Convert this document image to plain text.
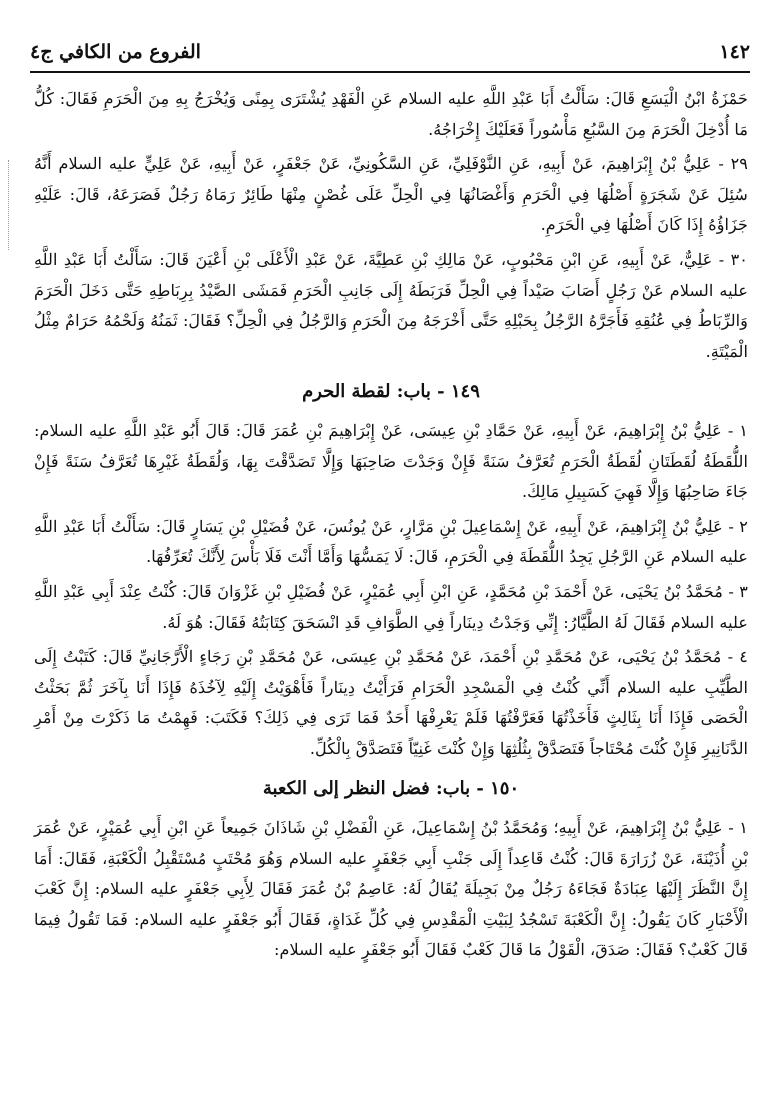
١٤٢
الفروع من الكافي ج٤

حَمْزَةُ ابْنُ الْيَسَعِ قَالَ: سَأَلْتُ أَبَا عَبْدِ اللَّهِ عليه السلام عَنِ الْفَهْدِ يُشْتَرَى بِمِنًى وَيُخْرَجُ بِهِ مِنَ الْحَرَمِ فَقَالَ: كُلُّ مَا أُدْخِلَ الْحَرَمَ مِنَ السَّبُعِ مَأْسُوراً فَعَلَيْكَ إِخْرَاجُهُ.

٢٩ - عَلِيُّ بْنُ إِبْرَاهِيمَ، عَنْ أَبِيهِ، عَنِ النَّوْفَلِيِّ، عَنِ السَّكُونِيِّ، عَنْ جَعْفَرٍ، عَنْ أَبِيهِ، عَنْ عَلِيٍّ عليه السلام أَنَّهُ سُئِلَ عَنْ شَجَرَةٍ أَصْلُهَا فِي الْحَرَمِ وَأَغْصَانُهَا فِي الْحِلِّ عَلَى غُصْنٍ مِنْهَا طَائِرٌ رَمَاهُ رَجُلٌ فَصَرَعَهُ، قَالَ: عَلَيْهِ جَزَاؤُهُ إِذَا كَانَ أَصْلُهَا فِي الْحَرَمِ.

٣٠ - عَلِيٌّ، عَنْ أَبِيهِ، عَنِ ابْنِ مَحْبُوبٍ، عَنْ مَالِكِ بْنِ عَطِيَّةَ، عَنْ عَبْدِ الْأَعْلَى بْنِ أَعْيَنَ قَالَ: سَأَلْتُ أَبَا عَبْدِ اللَّهِ عليه السلام عَنْ رَجُلٍ أَصَابَ صَيْداً فِي الْحِلِّ فَرَبَطَهُ إِلَى جَانِبِ الْحَرَمِ فَمَشَى الصَّيْدُ بِرِبَاطِهِ حَتَّى دَخَلَ الْحَرَمَ وَالرِّبَاطُ فِي عُنُقِهِ فَأَجَرَّهُ الرَّجُلُ بِحَبْلِهِ حَتَّى أَخْرَجَهُ مِنَ الْحَرَمِ وَالرَّجُلُ فِي الْحِلِّ؟ فَقَالَ: ثَمَنُهُ وَلَحْمُهُ حَرَامٌ مِثْلُ الْمَيْتَةِ.

١٤٩ - باب: لقطة الحرم

١ - عَلِيُّ بْنُ إِبْرَاهِيمَ، عَنْ أَبِيهِ، عَنْ حَمَّادِ بْنِ عِيسَى، عَنْ إِبْرَاهِيمَ بْنِ عُمَرَ قَالَ: قَالَ أَبُو عَبْدِ اللَّهِ عليه السلام: اللُّقَطَةُ لُقَطَتَانِ لُقَطَةُ الْحَرَمِ تُعَرَّفُ سَنَةً فَإِنْ وَجَدْتَ صَاحِبَهَا وَإِلَّا تَصَدَّقْتَ بِهَا، وَلُقَطَةُ غَيْرِهَا تُعَرَّفُ سَنَةً فَإِنْ جَاءَ صَاحِبُهَا وَإِلَّا فَهِيَ كَسَبِيلِ مَالِكَ.

٢ - عَلِيُّ بْنُ إِبْرَاهِيمَ، عَنْ أَبِيهِ، عَنْ إِسْمَاعِيلَ بْنِ مَرَّارٍ، عَنْ يُونُسَ، عَنْ فُضَيْلِ بْنِ يَسَارٍ قَالَ: سَأَلْتُ أَبَا عَبْدِ اللَّهِ عليه السلام عَنِ الرَّجُلِ يَجِدُ اللُّقَطَةَ فِي الْحَرَمِ، قَالَ: لَا يَمَسُّهَا وَأَمَّا أَنْتَ فَلَا بَأْسَ لِأَنَّكَ تُعَرِّفُهَا.

٣ - مُحَمَّدُ بْنُ يَحْيَى، عَنْ أَحْمَدَ بْنِ مُحَمَّدٍ، عَنِ ابْنِ أَبِي عُمَيْرٍ، عَنْ فُضَيْلِ بْنِ غَزْوَانَ قَالَ: كُنْتُ عِنْدَ أَبِي عَبْدِ اللَّهِ عليه السلام فَقَالَ لَهُ الطَّيَّارُ: إِنِّي وَجَدْتُ دِينَاراً فِي الطَّوَافِ قَدِ انْسَحَقَ كِتَابَتُهُ فَقَالَ: هُوَ لَهُ.

٤ - مُحَمَّدُ بْنُ يَحْيَى، عَنْ مُحَمَّدِ بْنِ أَحْمَدَ، عَنْ مُحَمَّدِ بْنِ عِيسَى، عَنْ مُحَمَّدِ بْنِ رَجَاءٍ الْأَرَّجَانِيِّ قَالَ: كَتَبْتُ إِلَى الطَّيِّبِ عليه السلام أَنِّي كُنْتُ فِي الْمَسْجِدِ الْحَرَامِ فَرَأَيْتُ دِينَاراً فَأَهْوَيْتُ إِلَيْهِ لِآخُذَهُ فَإِذَا أَنَا بِآخَرَ ثُمَّ بَحَثْتُ الْحَصَى فَإِذَا أَنَا بِثَالِثٍ فَأَخَذْتُهَا فَعَرَّفْتُهَا فَلَمْ يَعْرِفْهَا أَحَدٌ فَمَا تَرَى فِي ذَلِكَ؟ فَكَتَبَ: فَهِمْتُ مَا ذَكَرْتَ مِنْ أَمْرِ الدَّنَانِيرِ فَإِنْ كُنْتَ مُحْتَاجاً فَتَصَدَّقْ بِثُلُثِهَا وَإِنْ كُنْتَ غَنِيّاً فَتَصَدَّقْ بِالْكُلِّ.

١٥٠ - باب: فضل النظر إلى الكعبة

١ - عَلِيُّ بْنُ إِبْرَاهِيمَ، عَنْ أَبِيهِ؛ وَمُحَمَّدُ بْنُ إِسْمَاعِيلَ، عَنِ الْفَضْلِ بْنِ شَاذَانَ جَمِيعاً عَنِ ابْنِ أَبِي عُمَيْرٍ، عَنْ عُمَرَ بْنِ أُذَيْنَةَ، عَنْ زُرَارَةَ قَالَ: كُنْتُ قَاعِداً إِلَى جَنْبِ أَبِي جَعْفَرٍ عليه السلام وَهُوَ مُحْتَبٍ مُسْتَقْبِلُ الْكَعْبَةِ، فَقَالَ: أَمَا إِنَّ النَّظَرَ إِلَيْهَا عِبَادَةٌ فَجَاءَهُ رَجُلٌ مِنْ بَجِيلَةَ يُقَالُ لَهُ: عَاصِمُ بْنُ عُمَرَ فَقَالَ لِأَبِي جَعْفَرٍ عليه السلام: إِنَّ كَعْبَ الْأَحْبَارِ كَانَ يَقُولُ: إِنَّ الْكَعْبَةَ تَسْجُدُ لِبَيْتِ الْمَقْدِسِ فِي كُلِّ غَدَاةٍ، فَقَالَ أَبُو جَعْفَرٍ عليه السلام: فَمَا تَقُولُ فِيمَا قَالَ كَعْبٌ؟ فَقَالَ: صَدَقَ، الْقَوْلُ مَا قَالَ كَعْبٌ فَقَالَ أَبُو جَعْفَرٍ عليه السلام:
